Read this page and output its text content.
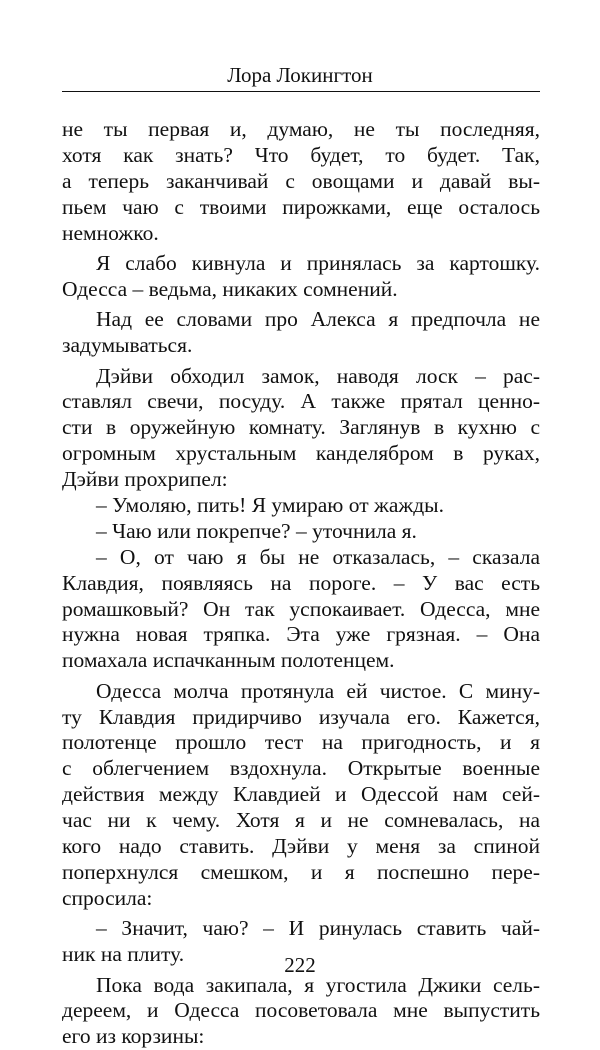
Лора Локингтон
не ты первая и, думаю, не ты последняя,
хотя как знать? Что будет, то будет. Так,
а теперь заканчивай с овощами и давай вы-
пьем чаю с твоими пирожками, еще осталось
немножко.
Я слабо кивнула и принялась за картошку.
Одесса – ведьма, никаких сомнений.
Над ее словами про Алекса я предпочла не
задумываться.
Дэйви обходил замок, наводя лоск – рас-
ставлял свечи, посуду. А также прятал ценно-
сти в оружейную комнату. Заглянув в кухню с
огромным хрустальным канделябром в руках,
Дэйви прохрипел:
– Умоляю, пить! Я умираю от жажды.
– Чаю или покрепче? – уточнила я.
– О, от чаю я бы не отказалась, – сказала
Клавдия, появляясь на пороге. – У вас есть
ромашковый? Он так успокаивает. Одесса, мне
нужна новая тряпка. Эта уже грязная. – Она
помахала испачканным полотенцем.
Одесса молча протянула ей чистое. С мину-
ту Клавдия придирчиво изучала его. Кажется,
полотенце прошло тест на пригодность, и я
с облегчением вздохнула. Открытые военные
действия между Клавдией и Одессой нам сей-
час ни к чему. Хотя я и не сомневалась, на
кого надо ставить. Дэйви у меня за спиной
поперхнулся смешком, и я поспешно пере-
спросила:
– Значит, чаю? – И ринулась ставить чай-
ник на плиту.
Пока вода закипала, я угостила Джики сель-
дереем, и Одесса посоветовала мне выпустить
его из корзины:
222
